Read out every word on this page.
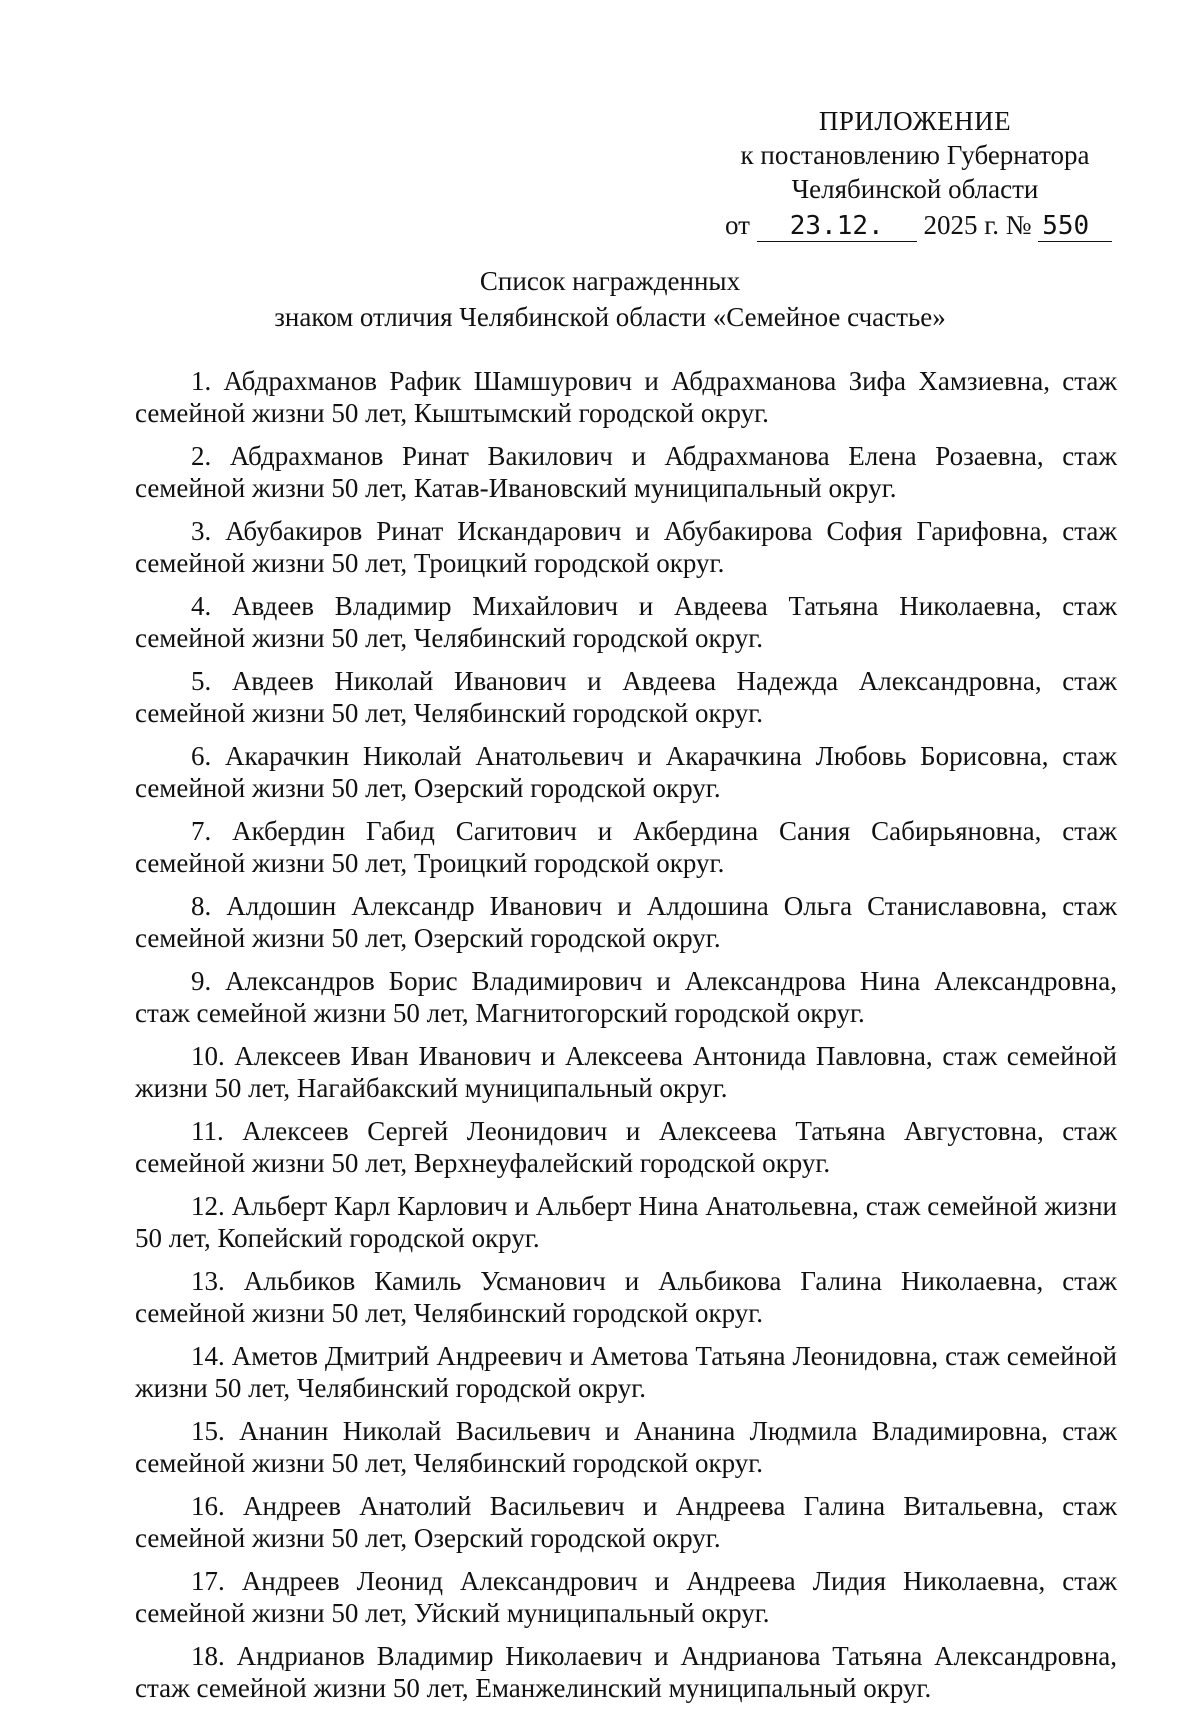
ПРИЛОЖЕНИЕ
к постановлению Губернатора
Челябинской области
от 23.12. 2025 г. № 550
Список награжденных
знаком отличия Челябинской области «Семейное счастье»

1. Абдрахманов Рафик Шамшурович и Абдрахманова Зифа Хамзиевна, стаж семейной жизни 50 лет, Кыштымский городской округ.

2. Абдрахманов Ринат Вакилович и Абдрахманова Елена Розаевна, стаж семейной жизни 50 лет, Катав-Ивановский муниципальный округ.

3. Абубакиров Ринат Искандарович и Абубакирова София Гарифовна, стаж семейной жизни 50 лет, Троицкий городской округ.

4. Авдеев Владимир Михайлович и Авдеева Татьяна Николаевна, стаж семейной жизни 50 лет, Челябинский городской округ.

5. Авдеев Николай Иванович и Авдеева Надежда Александровна, стаж семейной жизни 50 лет, Челябинский городской округ.

6. Акарачкин Николай Анатольевич и Акарачкина Любовь Борисовна, стаж семейной жизни 50 лет, Озерский городской округ.

7. Акбердин Габид Сагитович и Акбердина Сания Сабирьяновна, стаж семейной жизни 50 лет, Троицкий городской округ.

8. Алдошин Александр Иванович и Алдошина Ольга Станиславовна, стаж семейной жизни 50 лет, Озерский городской округ.

9. Александров Борис Владимирович и Александрова Нина Александровна, стаж семейной жизни 50 лет, Магнитогорский городской округ.

10. Алексеев Иван Иванович и Алексеева Антонида Павловна, стаж семейной жизни 50 лет, Нагайбакский муниципальный округ.

11. Алексеев Сергей Леонидович и Алексеева Татьяна Августовна, стаж семейной жизни 50 лет, Верхнеуфалейский городской округ.

12. Альберт Карл Карлович и Альберт Нина Анатольевна, стаж семейной жизни 50 лет, Копейский городской округ.

13. Альбиков Камиль Усманович и Альбикова Галина Николаевна, стаж семейной жизни 50 лет, Челябинский городской округ.

14. Аметов Дмитрий Андреевич и Аметова Татьяна Леонидовна, стаж семейной жизни 50 лет, Челябинский городской округ.

15. Ананин Николай Васильевич и Ананина Людмила Владимировна, стаж семейной жизни 50 лет, Челябинский городской округ.

16. Андреев Анатолий Васильевич и Андреева Галина Витальевна, стаж семейной жизни 50 лет, Озерский городской округ.

17. Андреев Леонид Александрович и Андреева Лидия Николаевна, стаж семейной жизни 50 лет, Уйский муниципальный округ.

18. Андрианов Владимир Николаевич и Андрианова Татьяна Александровна, стаж семейной жизни 50 лет, Еманжелинский муниципальный округ.
